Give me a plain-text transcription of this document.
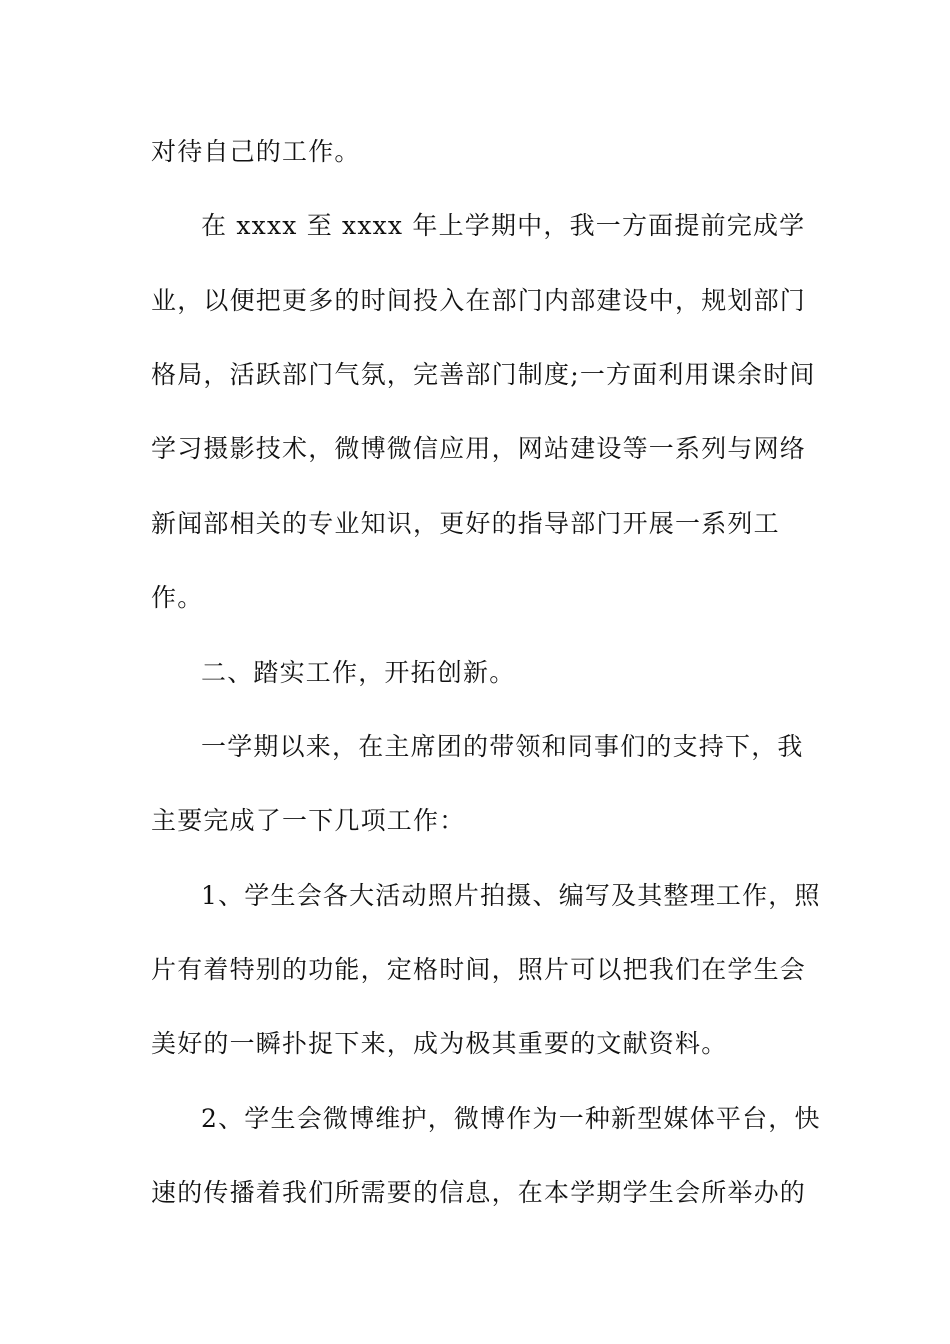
对待自己的工作。
在 xxxx 至 xxxx 年上学期中，我一方面提前完成学
业，以便把更多的时间投入在部门内部建设中，规划部门
格局，活跃部门气氛，完善部门制度;一方面利用课余时间
学习摄影技术，微博微信应用，网站建设等一系列与网络
新闻部相关的专业知识，更好的指导部门开展一系列工
作。
二、踏实工作，开拓创新。
一学期以来，在主席团的带领和同事们的支持下，我
主要完成了一下几项工作：
1、学生会各大活动照片拍摄、编写及其整理工作，照
片有着特别的功能，定格时间，照片可以把我们在学生会
美好的一瞬扑捉下来，成为极其重要的文献资料。
2、学生会微博维护，微博作为一种新型媒体平台，快
速的传播着我们所需要的信息，在本学期学生会所举办的
